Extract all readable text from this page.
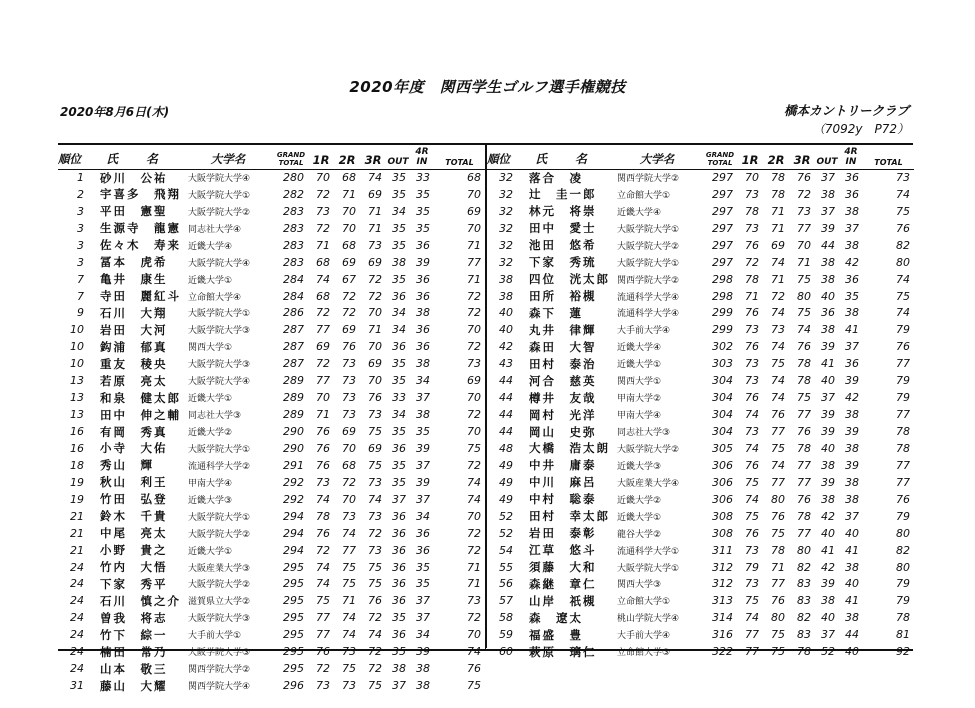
2020年度　関西学生ゴルフ選手権競技
2020年8月6日(木)	橋本カントリークラブ
（7092y　P72）
順位	氏　名	大学名	GRAND
TOTAL	1R	2R	3R	OUT	4R
IN	TOTAL
1	砂川　公祐	大阪学院大学④	280	70	68	74	35	33	68
2	宇喜多　飛翔	大阪学院大学①	282	72	71	69	35	35	70
3	平田　憲聖	大阪学院大学②	283	73	70	71	34	35	69
3	生源寺　龍憲	同志社大学④	283	72	70	71	35	35	70
3	佐々木　寿来	近畿大学④	283	71	68	73	35	36	71
3	冨本　虎希	大阪学院大学④	283	68	69	69	38	39	77
7	亀井　康生	近畿大学①	284	74	67	72	35	36	71
7	寺田　麗紅斗	立命館大学④	284	68	72	72	36	36	72
9	石川　大翔	大阪学院大学①	286	72	72	70	34	38	72
10	岩田　大河	大阪学院大学③	287	77	69	71	34	36	70
10	鈎浦　郁真	関西大学①	287	69	76	70	36	36	72
10	重友　稜央	大阪学院大学③	287	72	73	69	35	38	73
13	若原　亮太	大阪学院大学④	289	77	73	70	35	34	69
13	和泉　健太郎	近畿大学①	289	70	73	76	33	37	70
13	田中　伸之輔	同志社大学③	289	71	73	73	34	38	72
16	有岡　秀真	近畿大学②	290	76	69	75	35	35	70
16	小寺　大佑	大阪学院大学①	290	76	70	69	36	39	75
18	秀山　輝	流通科学大学②	291	76	68	75	35	37	72
19	秋山　利王	甲南大学④	292	73	72	73	35	39	74
19	竹田　弘登	近畿大学③	292	74	70	74	37	37	74
21	鈴木　千貴	大阪学院大学①	294	78	73	73	36	34	70
21	中尾　亮太	大阪学院大学②	294	76	74	72	36	36	72
21	小野　貴之	近畿大学①	294	72	77	73	36	36	72
24	竹内　大悟	大阪産業大学③	295	74	75	75	36	35	71
24	下家　秀平	大阪学院大学②	295	74	75	75	36	35	71
24	石川　慎之介	滋賀県立大学②	295	75	71	76	36	37	73
24	曽我　将志	大阪学院大学③	295	77	74	72	35	37	72
24	竹下　綜一	大手前大学①	295	77	74	74	36	34	70
24	楠田　常乃	大阪学院大学③	295	76	73	72	35	39	74
24	山本　敬三	関西学院大学②	295	72	75	72	38	38	76
31	藤山　大耀	関西学院大学④	296	73	73	75	37	38	75
順位	氏　名	大学名	GRAND
TOTAL	1R	2R	3R	OUT	4R
IN	TOTAL
32	落合　凌	関西学院大学②	297	70	78	76	37	36	73
32	辻　圭一郎	立命館大学①	297	73	78	72	38	36	74
32	林元　将崇	近畿大学④	297	78	71	73	37	38	75
32	田中　愛士	大阪学院大学①	297	73	71	77	39	37	76
32	池田　悠希	大阪学院大学②	297	76	69	70	44	38	82
32	下家　秀琉	大阪学院大学①	297	72	74	71	38	42	80
38	四位　洸太郎	関西学院大学②	298	78	71	75	38	36	74
38	田所　裕槻	流通科学大学④	298	71	72	80	40	35	75
40	森下　蓮	流通科学大学④	299	76	74	75	36	38	74
40	丸井　律輝	大手前大学④	299	73	73	74	38	41	79
42	森田　大智	近畿大学④	302	76	74	76	39	37	76
43	田村　泰治	近畿大学①	303	73	75	78	41	36	77
44	河合　慈英	関西大学①	304	73	74	78	40	39	79
44	樽井　友哉	甲南大学②	304	76	74	75	37	42	79
44	岡村　光洋	甲南大学④	304	74	76	77	39	38	77
44	岡山　史弥	同志社大学③	304	73	77	76	39	39	78
48	大橋　浩太朗	大阪学院大学②	305	74	75	78	40	38	78
49	中井　庸泰	近畿大学③	306	76	74	77	38	39	77
49	中川　麻呂	大阪産業大学④	306	75	77	77	39	38	77
49	中村　聡泰	近畿大学②	306	74	80	76	38	38	76
52	田村　幸太郎	近畿大学①	308	75	76	78	42	37	79
52	岩田　泰彰	龍谷大学②	308	76	75	77	40	40	80
54	江草　悠斗	流通科学大学①	311	73	78	80	41	41	82
55	須藤　大和	大阪学院大学①	312	79	71	82	42	38	80
56	森継　章仁	関西大学③	312	73	77	83	39	40	79
57	山岸　祇槻	立命館大学①	313	75	76	83	38	41	79
58	森　遼太	桃山学院大学④	314	74	80	82	40	38	78
59	福盛　豊	大手前大学④	316	77	75	83	37	44	81
60	萩原　璃仁	立命館大学③	322	77	75	78	52	40	92
